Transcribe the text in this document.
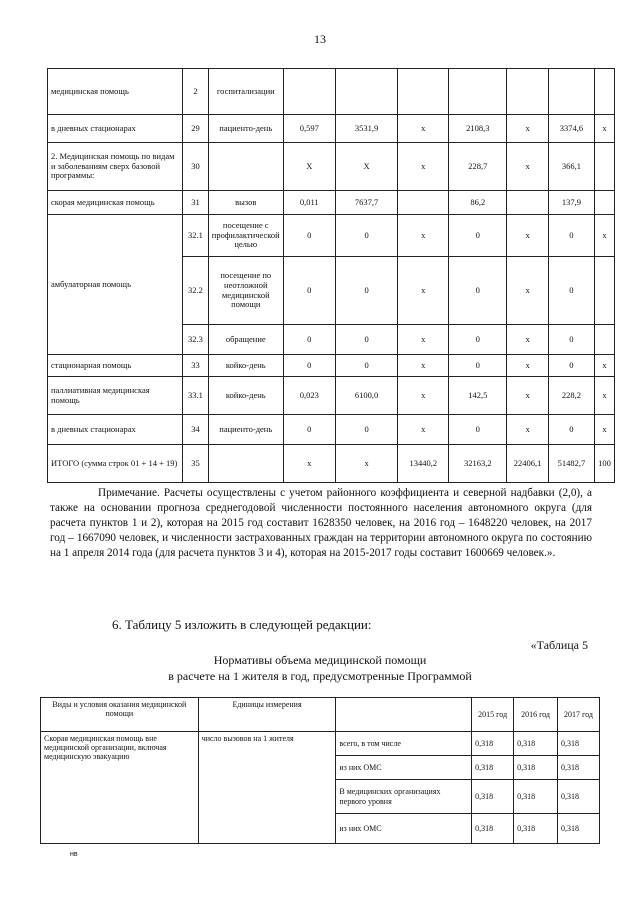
13
медицинская помощь	2	госпитализации							
в дневных стационарах	29	пациенто-день	0,597	3531,9	x	2108,3	x	3374,6	x
2. Медицинская помощь по видам и заболеваниям сверх базовой программы:	30		X	X	x	228,7	x	366,1	
скорая медицинская помощь	31	вызов	0,011	7637,7		86,2		137,9	
амбулаторная помощь	32.1	посещение с профилактической целью	0	0	x	0	x	0	x
	32.2	посещение по неотложной медицинской помощи	0	0	x	0	x	0	
	32.3	обращение	0	0	x	0	x	0	
стационарная помощь	33	койко-день	0	0	x	0	x	0	x
паллиативная медицинская помощь	33.1	койко-день	0,023	6100,0	x	142,5	x	228,2	x
в дневных стационарах	34	пациенто-день	0	0	x	0	x	0	x
ИТОГО (сумма строк 01 + 14 + 19)	35		x	x	13440,2	32163,2	22406,1	51482,7	100
Примечание. Расчеты осуществлены с учетом районного коэффициента и северной надбавки (2,0), а также на основании прогноза среднегодовой численности постоянного населения автономного округа (для расчета пунктов 1 и 2), которая на 2015 год составит 1628350 человек, на 2016 год – 1648220 человек, на 2017 год – 1667090 человек, и численности застрахованных граждан на территории автономного округа по состоянию на 1 апреля 2014 года (для расчета пунктов 3 и 4), которая на 2015-2017 годы составит 1600669 человек.».
6. Таблицу 5 изложить в следующей редакции:
«Таблица 5
Нормативы объема медицинской помощи
в расчете на 1 жителя в год, предусмотренные Программой
Виды и условия оказания медицинской помощи	Единицы измерения		2015 год	2016 год	2017 год
Скорая медицинская помощь вне медицинской организации, включая медицинскую эвакуацию	число вызовов на 1 жителя	всего, в том числе	0,318	0,318	0,318
		из них ОМС	0,318	0,318	0,318
		В медицинских организациях первого уровня	0,318	0,318	0,318
		из них ОМС	0,318	0,318	0,318
нв
